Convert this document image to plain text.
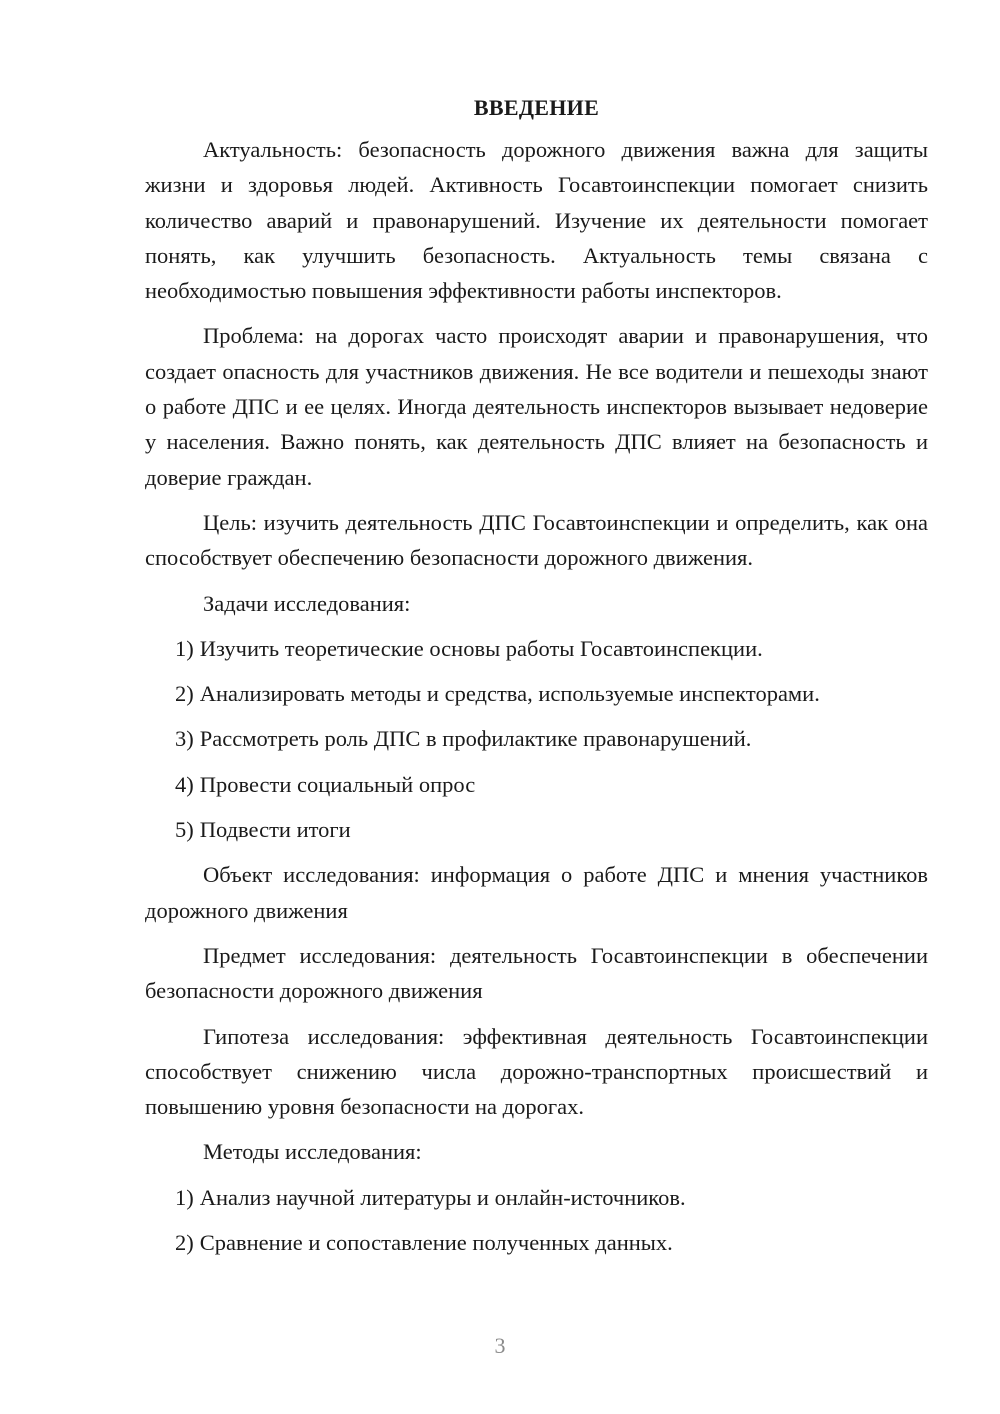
ВВЕДЕНИЕ

Актуальность: безопасность дорожного движения важна для защиты жизни и здоровья людей. Активность Госавтоинспекции помогает снизить количество аварий и правонарушений. Изучение их деятельности помогает понять, как улучшить безопасность. Актуальность темы связана с необходимостью повышения эффективности работы инспекторов.

Проблема: на дорогах часто происходят аварии и правонарушения, что создает опасность для участников движения. Не все водители и пешеходы знают о работе ДПС и ее целях. Иногда деятельность инспекторов вызывает недоверие у населения. Важно понять, как деятельность ДПС влияет на безопасность и доверие граждан.

Цель: изучить деятельность ДПС Госавтоинспекции и определить, как она способствует обеспечению безопасности дорожного движения.

Задачи исследования:

1) Изучить теоретические основы работы Госавтоинспекции.
2) Анализировать методы и средства, используемые инспекторами.
3) Рассмотреть роль ДПС в профилактике правонарушений.
4) Провести социальный опрос
5) Подвести итоги

Объект исследования: информация о работе ДПС и мнения участников дорожного движения

Предмет исследования: деятельность Госавтоинспекции в обеспечении безопасности дорожного движения

Гипотеза исследования: эффективная деятельность Госавтоинспекции способствует снижению числа дорожно-транспортных происшествий и повышению уровня безопасности на дорогах.

Методы исследования:

1) Анализ научной литературы и онлайн-источников.
2) Сравнение и сопоставление полученных данных.
3
